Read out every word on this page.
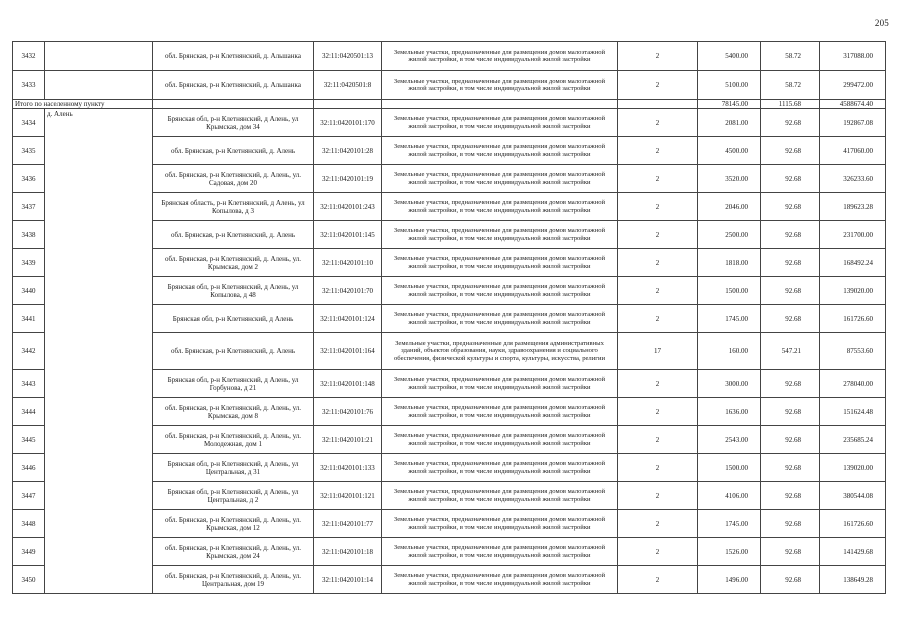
205
3432		обл. Брянская, р-н Клетнянский, д. Альшанка	32:11:0420501:13	Земельные участки, предназначенные для размещения домов малоэтажной жилой застройки, в том числе индивидуальной жилой застройки	2	5400.00	58.72	317088.00
3433		обл. Брянская, р-н Клетнянский, д. Альшанка	32:11:0420501:8	Земельные участки, предназначенные для размещения домов малоэтажной жилой застройки, в том числе индивидуальной жилой застройки	2	5100.00	58.72	299472.00
Итого по населенному пункту						78145.00	1115.68	4588674.40
3434	д. Алень	Брянская обл, р-н Клетнянский, д Алень, ул Крымская, дом 34	32:11:0420101:170	Земельные участки, предназначенные для размещения домов малоэтажной жилой застройки, в том числе индивидуальной жилой застройки	2	2081.00	92.68	192867.08
3435		обл. Брянская, р-н Клетнянский, д. Алень	32:11:0420101:28	Земельные участки, предназначенные для размещения домов малоэтажной жилой застройки, в том числе индивидуальной жилой застройки	2	4500.00	92.68	417060.00
3436		обл. Брянская, р-н Клетнянский, д. Алень, ул. Садовая, дом 20	32:11:0420101:19	Земельные участки, предназначенные для размещения домов малоэтажной жилой застройки, в том числе индивидуальной жилой застройки	2	3520.00	92.68	326233.60
3437		Брянская область, р-н Клетнянский, д Алень, ул Копылова, д 3	32:11:0420101:243	Земельные участки, предназначенные для размещения домов малоэтажной жилой застройки, в том числе индивидуальной жилой застройки	2	2046.00	92.68	189623.28
3438		обл. Брянская, р-н Клетнянский, д. Алень	32:11:0420101:145	Земельные участки, предназначенные для размещения домов малоэтажной жилой застройки, в том числе индивидуальной жилой застройки	2	2500.00	92.68	231700.00
3439		обл. Брянская, р-н Клетнянский, д. Алень, ул. Крымская, дом 2	32:11:0420101:10	Земельные участки, предназначенные для размещения домов малоэтажной жилой застройки, в том числе индивидуальной жилой застройки	2	1818.00	92.68	168492.24
3440		Брянская обл, р-н Клетнянский, д Алень, ул Копылова, д 48	32:11:0420101:70	Земельные участки, предназначенные для размещения домов малоэтажной жилой застройки, в том числе индивидуальной жилой застройки	2	1500.00	92.68	139020.00
3441		Брянская обл, р-н Клетнянский, д Алень	32:11:0420101:124	Земельные участки, предназначенные для размещения домов малоэтажной жилой застройки, в том числе индивидуальной жилой застройки	2	1745.00	92.68	161726.60
3442		обл. Брянская, р-н Клетнянский, д. Алень	32:11:0420101:164	Земельные участки, предназначенные для размещения административных зданий, объектов образования, науки, здравоохранения и социального обеспечения, физической культуры и спорта, культуры, искусства, религии	17	160.00	547.21	87553.60
3443		Брянская обл, р-н Клетнянский, д Алень, ул Горбунова, д 21	32:11:0420101:148	Земельные участки, предназначенные для размещения домов малоэтажной жилой застройки, в том числе индивидуальной жилой застройки	2	3000.00	92.68	278040.00
3444		обл. Брянская, р-н Клетнянский, д. Алень, ул. Крымская, дом 8	32:11:0420101:76	Земельные участки, предназначенные для размещения домов малоэтажной жилой застройки, в том числе индивидуальной жилой застройки	2	1636.00	92.68	151624.48
3445		обл. Брянская, р-н Клетнянский, д. Алень, ул. Молодежная, дом 1	32:11:0420101:21	Земельные участки, предназначенные для размещения домов малоэтажной жилой застройки, в том числе индивидуальной жилой застройки	2	2543.00	92.68	235685.24
3446		Брянская обл, р-н Клетнянский, д Алень, ул Центральная, д 31	32:11:0420101:133	Земельные участки, предназначенные для размещения домов малоэтажной жилой застройки, в том числе индивидуальной жилой застройки	2	1500.00	92.68	139020.00
3447		Брянская обл, р-н Клетнянский, д Алень, ул Центральная, д 2	32:11:0420101:121	Земельные участки, предназначенные для размещения домов малоэтажной жилой застройки, в том числе индивидуальной жилой застройки	2	4106.00	92.68	380544.08
3448		обл. Брянская, р-н Клетнянский, д. Алень, ул. Крымская, дом 12	32:11:0420101:77	Земельные участки, предназначенные для размещения домов малоэтажной жилой застройки, в том числе индивидуальной жилой застройки	2	1745.00	92.68	161726.60
3449		обл. Брянская, р-н Клетнянский, д. Алень, ул. Крымская, дом 24	32:11:0420101:18	Земельные участки, предназначенные для размещения домов малоэтажной жилой застройки, в том числе индивидуальной жилой застройки	2	1526.00	92.68	141429.68
3450		обл. Брянская, р-н Клетнянский, д. Алень, ул. Центральная, дом 19	32:11:0420101:14	Земельные участки, предназначенные для размещения домов малоэтажной жилой застройки, в том числе индивидуальной жилой застройки	2	1496.00	92.68	138649.28
